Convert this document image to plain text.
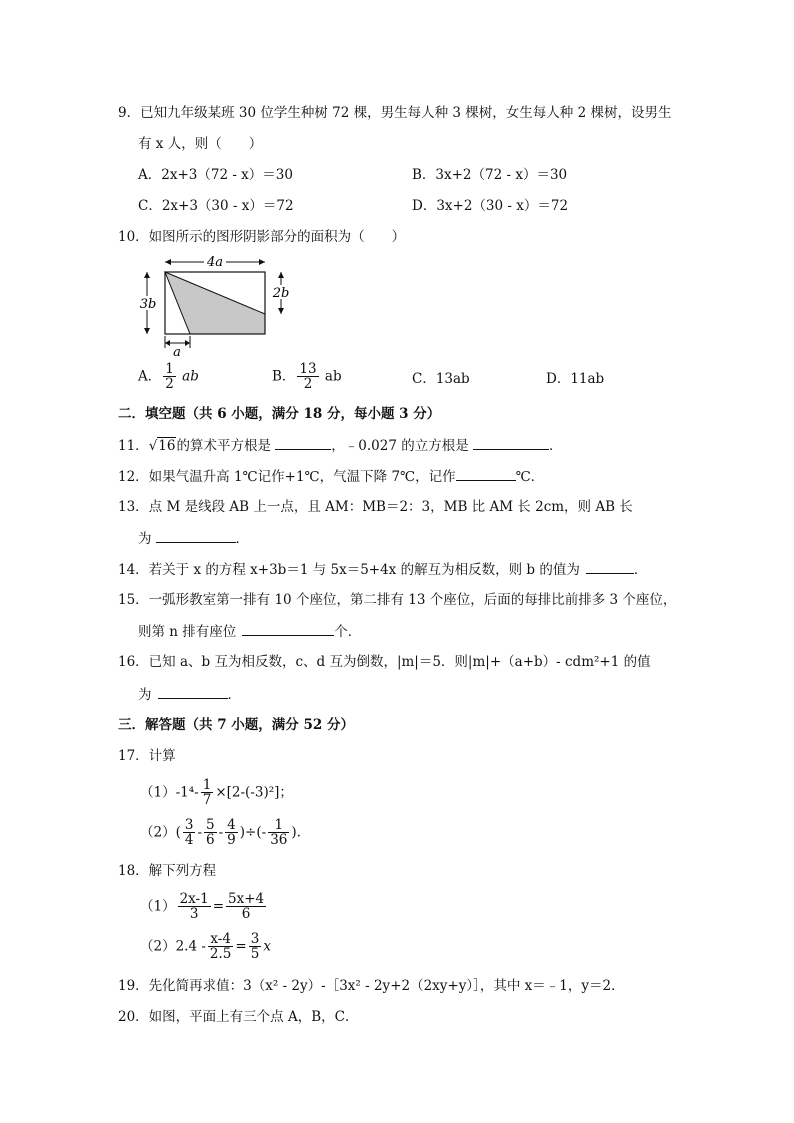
9．已知九年级某班 30 位学生种树 72 棵，男生每人种 3 棵树，女生每人种 2 棵树，设男生
有 x 人，则（　　）
A．2x+3（72 - x）＝30	B．3x+2（72 - x）＝30
C．2x+3（30 - x）＝72	D．3x+2（30 - x）＝72
10．如图所示的图形阴影部分的面积为（　　）
4a
3b
2b
a
A． $\frac{1}{2}$ ab	B． $\frac{13}{2}$ ab	C．13ab	D．11ab
二．填空题（共 6 小题，满分 18 分，每小题 3 分）
11．√16的算术平方根是	，﹣0.027 的立方根是	．
12．如果气温升高 1℃记作+1℃，气温下降 7℃，记作	℃．
13．点 M 是线段 AB 上一点，且 AM：MB＝2：3，MB 比 AM 长 2cm，则 AB 长
为	．
14．若关于 x 的方程 x+3b＝1 与 5x＝5+4x 的解互为相反数，则 b 的值为	．
15．一弧形教室第一排有 10 个座位，第二排有 13 个座位，后面的每排比前排多 3 个座位，
则第 n 排有座位	个．
16．已知 a、b 互为相反数，c、d 互为倒数，|m|＝5．则|m|+（a+b）- cdm²+1 的值
为	．
三．解答题（共 7 小题，满分 52 分）
17．计算
$(1)-1^4- \frac{1}{7} \times[2-(-3)^2]$；
$(2)( \frac{3}{4} - \frac{5}{6} - \frac{4}{9}$ )÷(- $\frac{1}{36}$ ).
18．解下列方程
$(1) \frac{2x-1}{3} = \frac{5x+4}{6}$
$(2)2.4 - \frac{x-4}{2.5} = \frac{3}{5}$ x
19．先化简再求值：3（x² - 2y）-［3x² - 2y+2（2xy+y）］，其中 x＝﹣1，y＝2．
20．如图，平面上有三个点 A，B，C．
